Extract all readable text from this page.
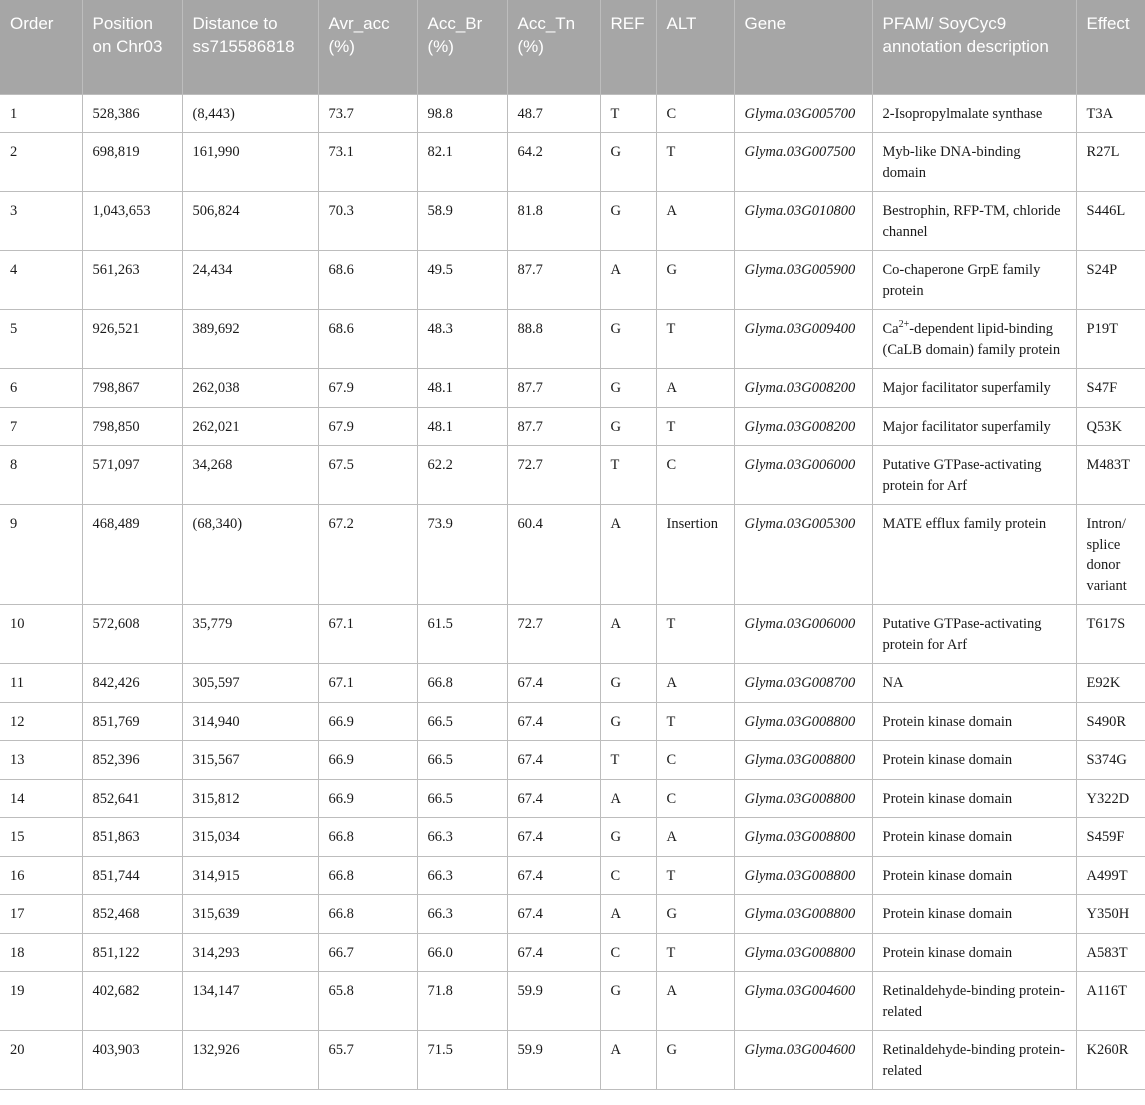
Order	Position on Chr03	Distance to ss715586818	Avr_acc (%)	Acc_Br (%)	Acc_Tn (%)	REF	ALT	Gene	PFAM/ SoyCyc9 annotation description	Effect
1	528,386	(8,443)	73.7	98.8	48.7	T	C	Glyma.03G005700	2-Isopropylmalate synthase	T3A
2	698,819	161,990	73.1	82.1	64.2	G	T	Glyma.03G007500	Myb-like DNA-binding domain	R27L
3	1,043,653	506,824	70.3	58.9	81.8	G	A	Glyma.03G010800	Bestrophin, RFP-TM, chloride channel	S446L
4	561,263	24,434	68.6	49.5	87.7	A	G	Glyma.03G005900	Co-chaperone GrpE family protein	S24P
5	926,521	389,692	68.6	48.3	88.8	G	T	Glyma.03G009400	$Ca^{2+}$-dependent lipid-binding (CaLB domain) family protein	P19T
6	798,867	262,038	67.9	48.1	87.7	G	A	Glyma.03G008200	Major facilitator superfamily	S47F
7	798,850	262,021	67.9	48.1	87.7	G	T	Glyma.03G008200	Major facilitator superfamily	Q53K
8	571,097	34,268	67.5	62.2	72.7	T	C	Glyma.03G006000	Putative GTPase-activating protein for Arf	M483T
9	468,489	(68,340)	67.2	73.9	60.4	A	Insertion	Glyma.03G005300	MATE efflux family protein	Intron/ splice donor variant
10	572,608	35,779	67.1	61.5	72.7	A	T	Glyma.03G006000	Putative GTPase-activating protein for Arf	T617S
11	842,426	305,597	67.1	66.8	67.4	G	A	Glyma.03G008700	NA	E92K
12	851,769	314,940	66.9	66.5	67.4	G	T	Glyma.03G008800	Protein kinase domain	S490R
13	852,396	315,567	66.9	66.5	67.4	T	C	Glyma.03G008800	Protein kinase domain	S374G
14	852,641	315,812	66.9	66.5	67.4	A	C	Glyma.03G008800	Protein kinase domain	Y322D
15	851,863	315,034	66.8	66.3	67.4	G	A	Glyma.03G008800	Protein kinase domain	S459F
16	851,744	314,915	66.8	66.3	67.4	C	T	Glyma.03G008800	Protein kinase domain	A499T
17	852,468	315,639	66.8	66.3	67.4	A	G	Glyma.03G008800	Protein kinase domain	Y350H
18	851,122	314,293	66.7	66.0	67.4	C	T	Glyma.03G008800	Protein kinase domain	A583T
19	402,682	134,147	65.8	71.8	59.9	G	A	Glyma.03G004600	Retinaldehyde-binding protein-related	A116T
20	403,903	132,926	65.7	71.5	59.9	A	G	Glyma.03G004600	Retinaldehyde-binding protein-related	K260R
